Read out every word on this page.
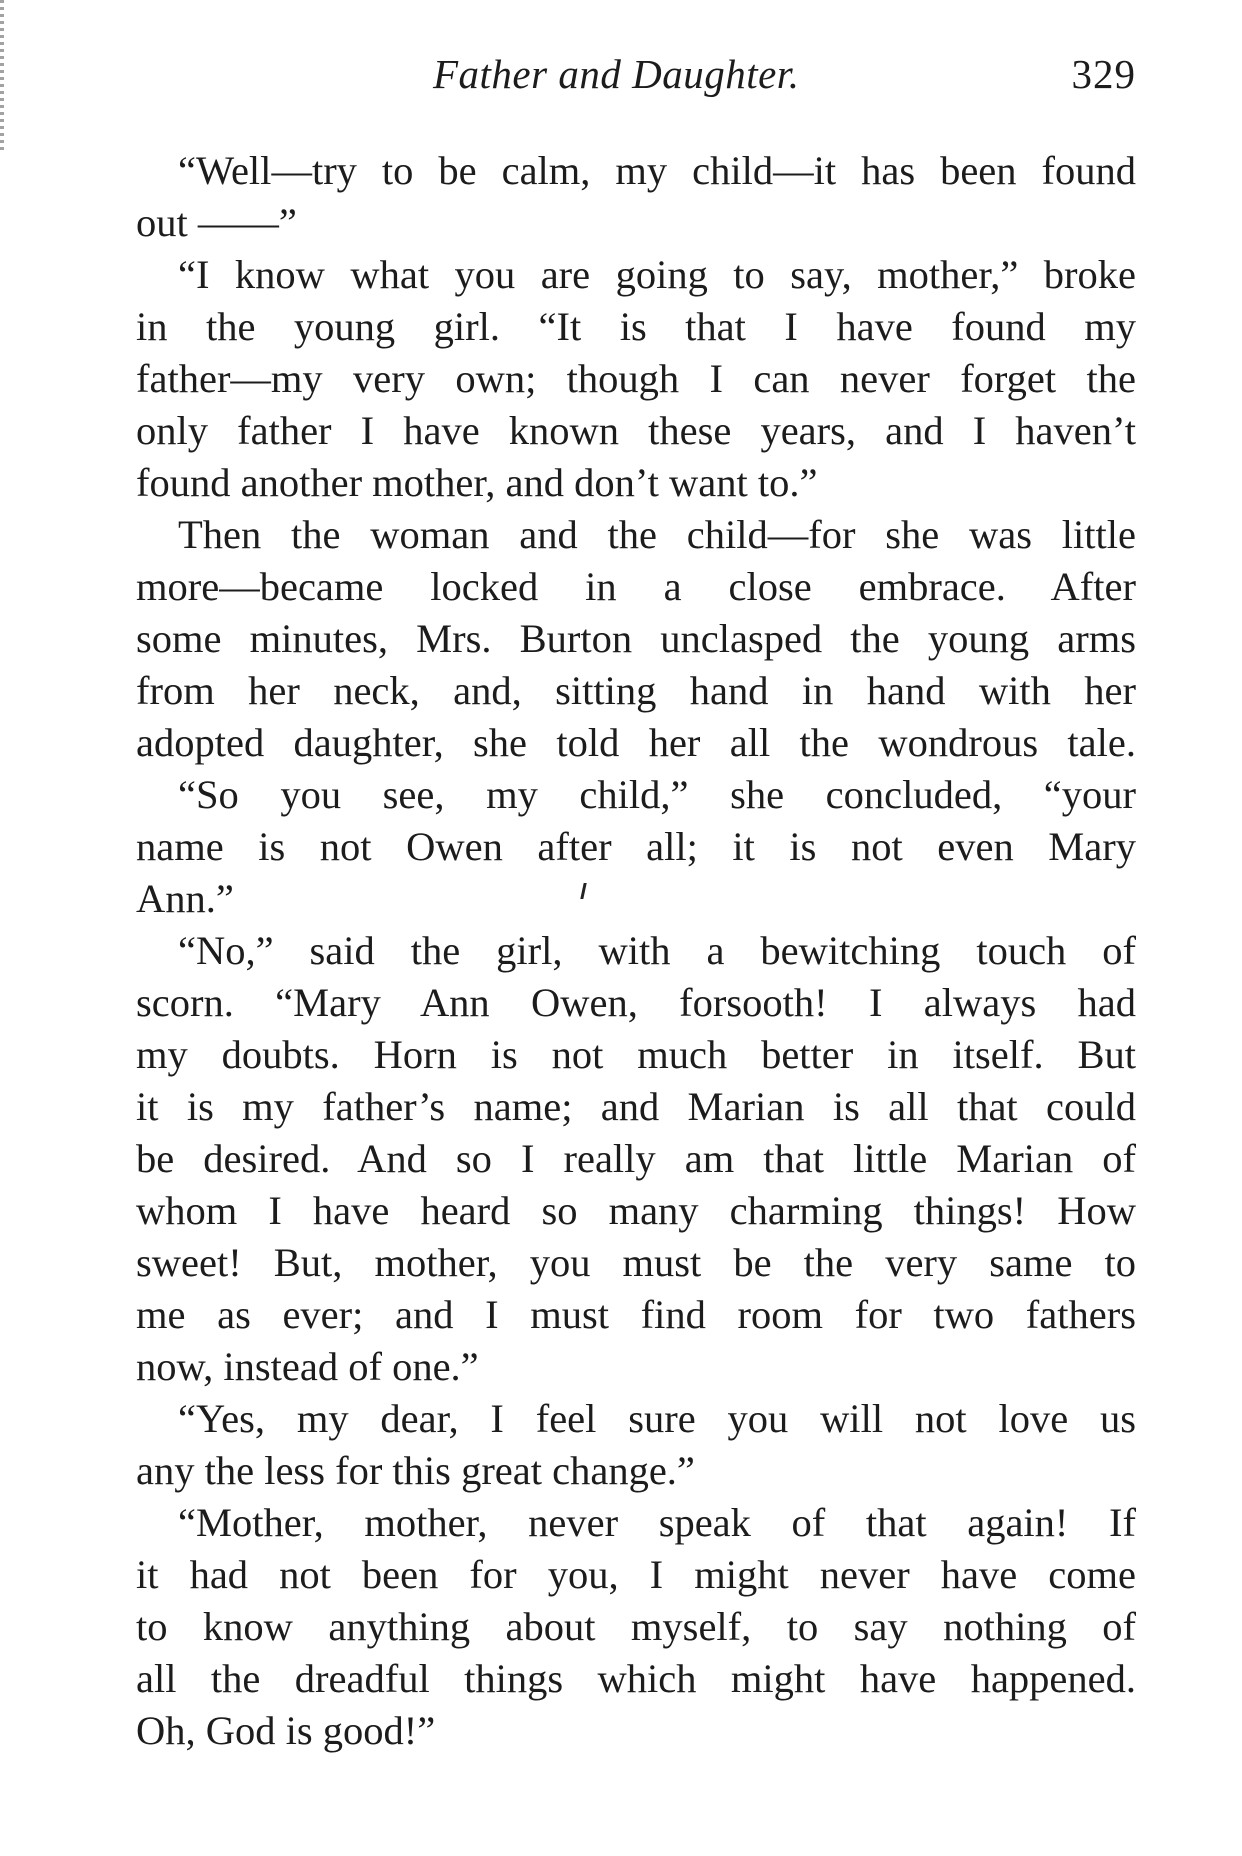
Father and Daughter.	329

“Well—try to be calm, my child—it has been found
out ——”

“I know what you are going to say, mother,” broke
in the young girl. “It is that I have found my
father—my very own; though I can never forget the
only father I have known these years, and I haven’t
found another mother, and don’t want to.”

Then the woman and the child—for she was little
more—became locked in a close embrace. After
some minutes, Mrs. Burton unclasped the young arms
from her neck, and, sitting hand in hand with her
adopted daughter, she told her all the wondrous tale.

“So you see, my child,” she concluded, “your
name is not Owen after all; it is not even Mary
Ann.”

“No,” said the girl, with a bewitching touch of
scorn. “Mary Ann Owen, forsooth! I always had
my doubts. Horn is not much better in itself. But
it is my father’s name; and Marian is all that could
be desired. And so I really am that little Marian of
whom I have heard so many charming things! How
sweet! But, mother, you must be the very same to
me as ever; and I must find room for two fathers
now, instead of one.”

“Yes, my dear, I feel sure you will not love us
any the less for this great change.”

“Mother, mother, never speak of that again! If
it had not been for you, I might never have come
to know anything about myself, to say nothing of
all the dreadful things which might have happened.
Oh, God is good!”
